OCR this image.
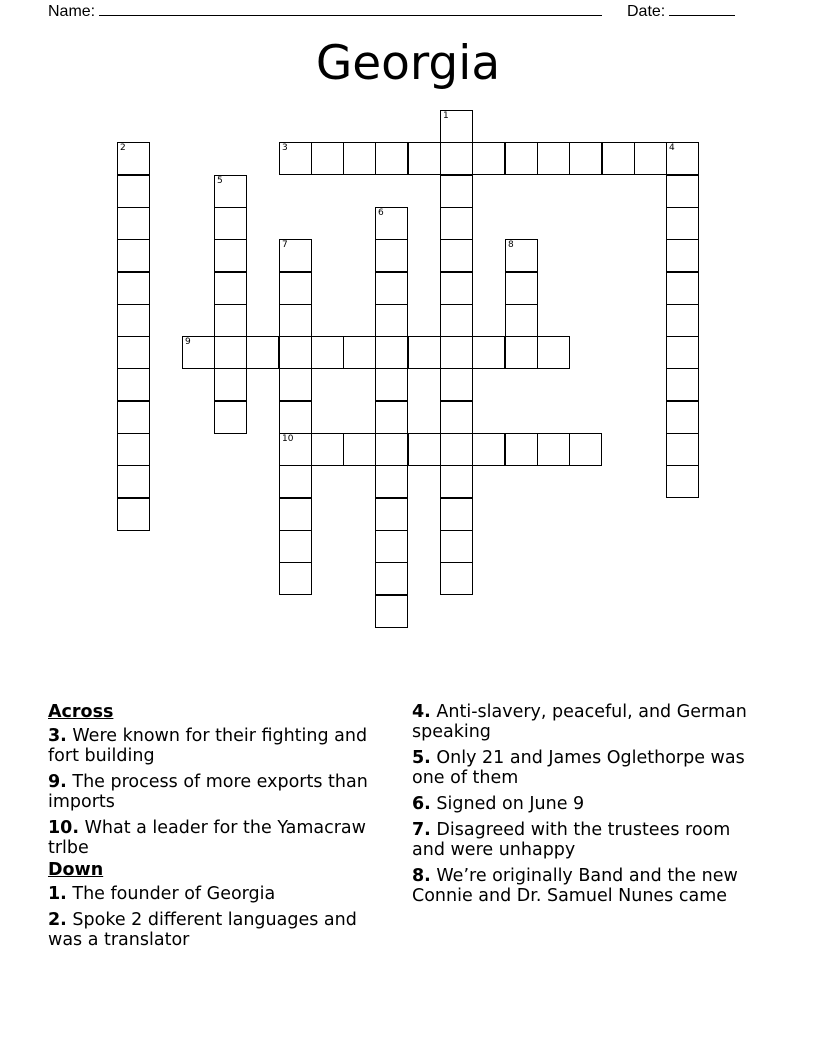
Name:	Date:
Georgia
1
2	3	4
5
6
7
10
8
9
Across
3. Were known for their fighting and fort building
9. The process of more exports than imports
10. What a leader for the Yamacraw trlbe
Down
1. The founder of Georgia
2. Spoke 2 different languages and was a translator
4. Anti-slavery, peaceful, and German speaking
5. Only 21 and James Oglethorpe was one of them
6. Signed on June 9
7. Disagreed with the trustees room and were unhappy
8. We’re originally Band and the new Connie and Dr. Samuel Nunes came
